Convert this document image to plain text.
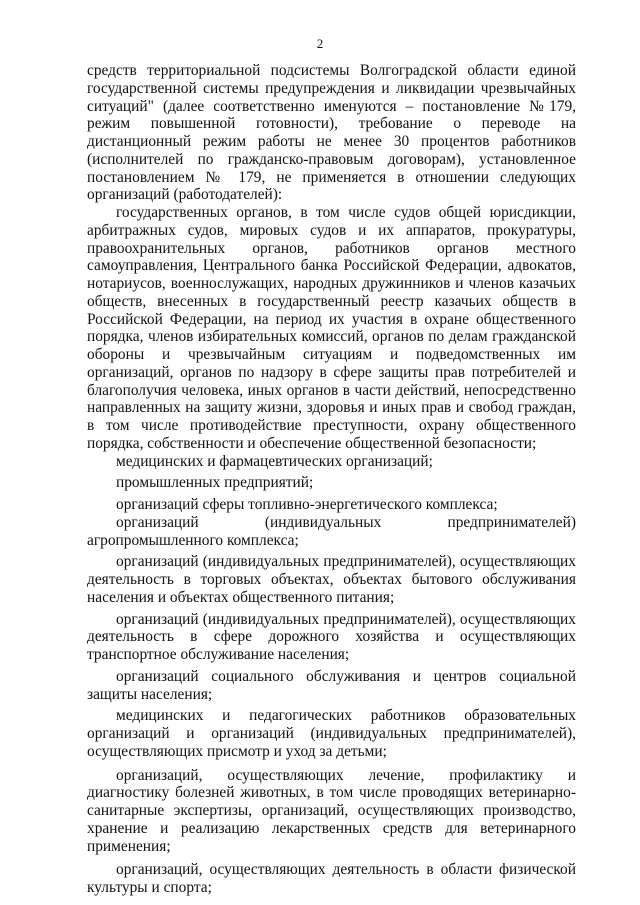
2

средств территориальной подсистемы Волгоградской области единой государственной системы предупреждения и ликвидации чрезвычайных ситуаций" (далее соответственно именуются – постановление №179, режим повышенной готовности), требование о переводе на дистанционный режим работы не менее 30 процентов работников (исполнителей по гражданско-правовым договорам), установленное постановлением № 179, не применяется в отношении следующих организаций (работодателей):

государственных органов, в том числе судов общей юрисдикции, арбитражных судов, мировых судов и их аппаратов, прокуратуры, правоохранительных органов, работников органов местного самоуправления, Центрального банка Российской Федерации, адвокатов, нотариусов, военнослужащих, народных дружинников и членов казачьих обществ, внесенных в государственный реестр казачьих обществ в Российской Федерации, на период их участия в охране общественного порядка, членов избирательных комиссий, органов по делам гражданской обороны и чрезвычайным ситуациям и подведомственных им организаций, органов по надзору в сфере защиты прав потребителей и благополучия человека, иных органов в части действий, непосредственно направленных на защиту жизни, здоровья и иных прав и свобод граждан, в том числе противодействие преступности, охрану общественного порядка, собственности и обеспечение общественной безопасности;

медицинских и фармацевтических организаций;

промышленных предприятий;

организаций сферы топливно-энергетического комплекса;

организаций (индивидуальных предпринимателей) агропромышленного комплекса;

организаций (индивидуальных предпринимателей), осуществляющих деятельность в торговых объектах, объектах бытового обслуживания населения и объектах общественного питания;

организаций (индивидуальных предпринимателей), осуществляющих деятельность в сфере дорожного хозяйства и осуществляющих транспортное обслуживание населения;

организаций социального обслуживания и центров социальной защиты населения;

медицинских и педагогических работников образовательных организаций и организаций (индивидуальных предпринимателей), осуществляющих присмотр и уход за детьми;

организаций, осуществляющих лечение, профилактику и диагностику болезней животных, в том числе проводящих ветеринарно-санитарные экспертизы, организаций, осуществляющих производство, хранение и реализацию лекарственных средств для ветеринарного применения;

организаций, осуществляющих деятельность в области физической культуры и спорта;
